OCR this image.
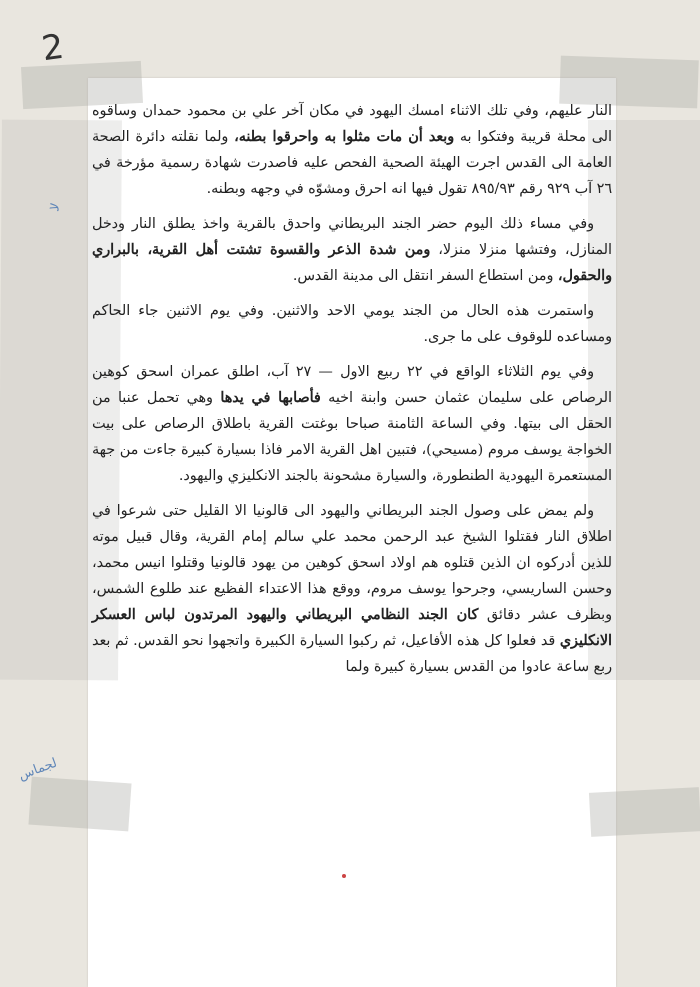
2

النار عليهم، وفي تلك الاثناء امسك اليهود في مكان آخر علي بن محمود حمدان وساقوه الى محلة قريبة وفتكوا به وبعد أن مات مثلوا به واحرقوا بطنه، ولما نقلته دائرة الصحة العامة الى القدس اجرت الهيئة الصحية الفحص عليه فاصدرت شهادة رسمية مؤرخة في ٢٦ آب ٩٢٩ رقم ٨٩٥/٩٣ تقول فيها انه احرق ومشوّه في وجهه وبطنه.

وفي مساء ذلك اليوم حضر الجند البريطاني واحدق بالقرية واخذ يطلق النار ودخل المنازل، وفتشها منزلا منزلا، ومن شدة الذعر والقسوة تشتت أهل القرية، بالبراري والحقول، ومن استطاع السفر انتقل الى مدينة القدس.

واستمرت هذه الحال من الجند يومي الاحد والاثنين. وفي يوم الاثنين جاء الحاكم ومساعده للوقوف على ما جرى.

وفي يوم الثلاثاء الواقع في ٢٢ ربيع الاول — ٢٧ آب، اطلق عمران اسحق كوهين الرصاص على سليمان عثمان حسن وابنة اخيه فأصابها في يدها وهي تحمل عنبا من الحقل الى بيتها. وفي الساعة الثامنة صباحا بوغتت القرية باطلاق الرصاص على بيت الخواجة يوسف مروم (مسيحي)، فتبين اهل القرية الامر فاذا بسيارة كبيرة جاءت من جهة المستعمرة اليهودية الطنطورة، والسيارة مشحونة بالجند الانكليزي واليهود.

ولم يمض على وصول الجند البريطاني واليهود الى قالونيا الا القليل حتى شرعوا في اطلاق النار فقتلوا الشيخ عبد الرحمن محمد علي سالم إمام القرية، وقال قبيل موته للذين أدركوه ان الذين قتلوه هم اولاد اسحق كوهين من يهود قالونيا وقتلوا انيس محمد، وحسن الساريسي، وجرحوا يوسف مروم، ووقع هذا الاعتداء الفظيع عند طلوع الشمس، وبظرف عشر دقائق كان الجند النظامي البريطاني واليهود المرتدون لباس العسكر الانكليزي قد فعلوا كل هذه الأفاعيل، ثم ركبوا السيارة الكبيرة واتجهوا نحو القدس. ثم بعد ربع ساعة عادوا من القدس بسيارة كبيرة ولما

لا
لجماس
